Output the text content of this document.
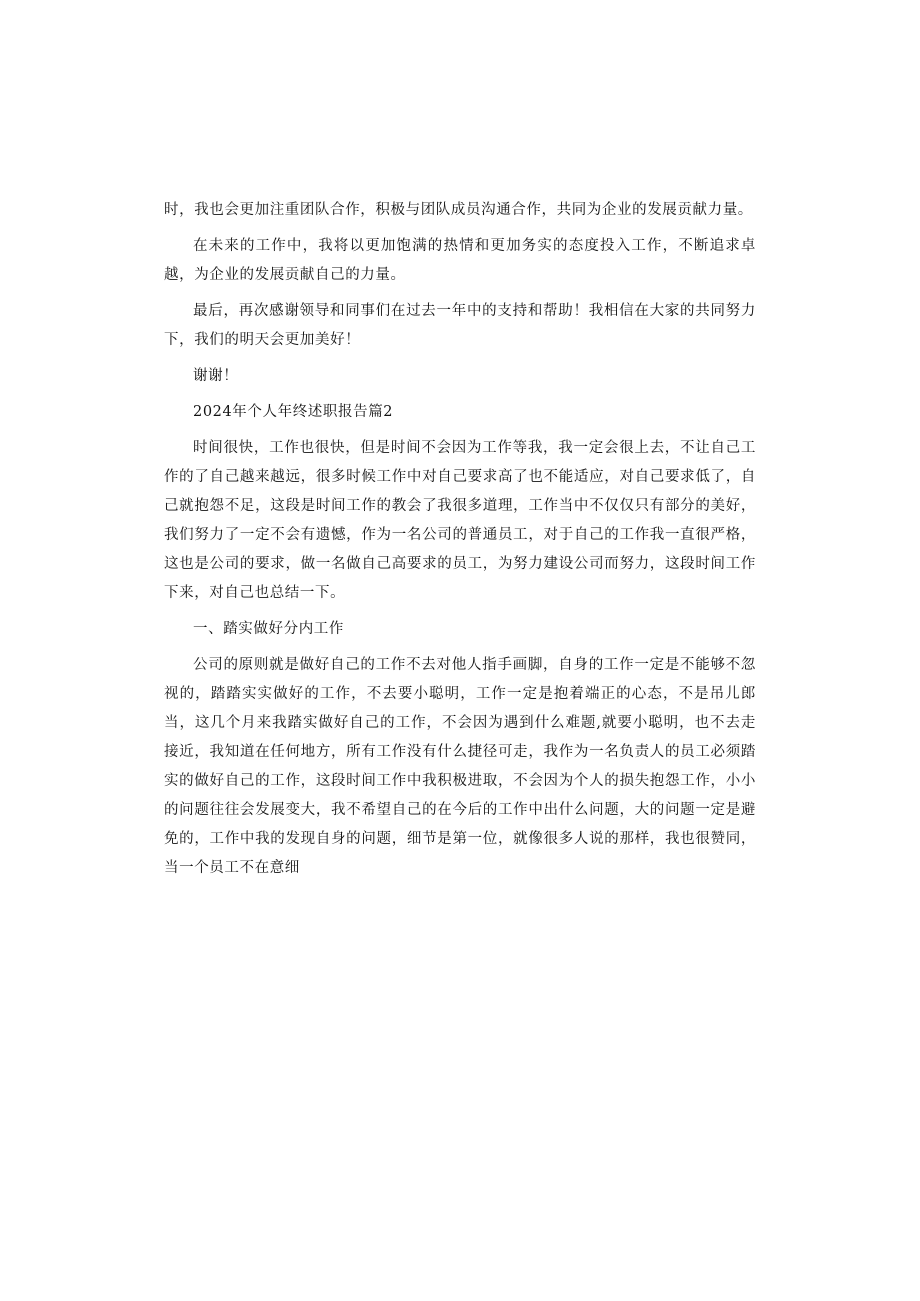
时，我也会更加注重团队合作，积极与团队成员沟通合作，共同为企业的发展贡献力量。

在未来的工作中，我将以更加饱满的热情和更加务实的态度投入工作，不断追求卓越，为企业的发展贡献自己的力量。

最后，再次感谢领导和同事们在过去一年中的支持和帮助！我相信在大家的共同努力下，我们的明天会更加美好！

谢谢！

2024年个人年终述职报告篇2

时间很快，工作也很快，但是时间不会因为工作等我，我一定会很上去，不让自己工作的了自己越来越远，很多时候工作中对自己要求高了也不能适应，对自己要求低了，自己就抱怨不足，这段是时间工作的教会了我很多道理，工作当中不仅仅只有部分的美好，我们努力了一定不会有遗憾，作为一名公司的普通员工，对于自己的工作我一直很严格，这也是公司的要求，做一名做自己高要求的员工，为努力建设公司而努力，这段时间工作下来，对自己也总结一下。

一、踏实做好分内工作

公司的原则就是做好自己的工作不去对他人指手画脚，自身的工作一定是不能够不忽视的，踏踏实实做好的工作，不去要小聪明，工作一定是抱着端正的心态，不是吊儿郎当，这几个月来我踏实做好自己的工作，不会因为遇到什么难题,就要小聪明，也不去走接近，我知道在任何地方，所有工作没有什么捷径可走，我作为一名负责人的员工必须踏实的做好自己的工作，这段时间工作中我积极进取，不会因为个人的损失抱怨工作，小小的问题往往会发展变大，我不希望自己的在今后的工作中出什么问题，大的问题一定是避免的，工作中我的发现自身的问题，细节是第一位，就像很多人说的那样，我也很赞同，当一个员工不在意细
